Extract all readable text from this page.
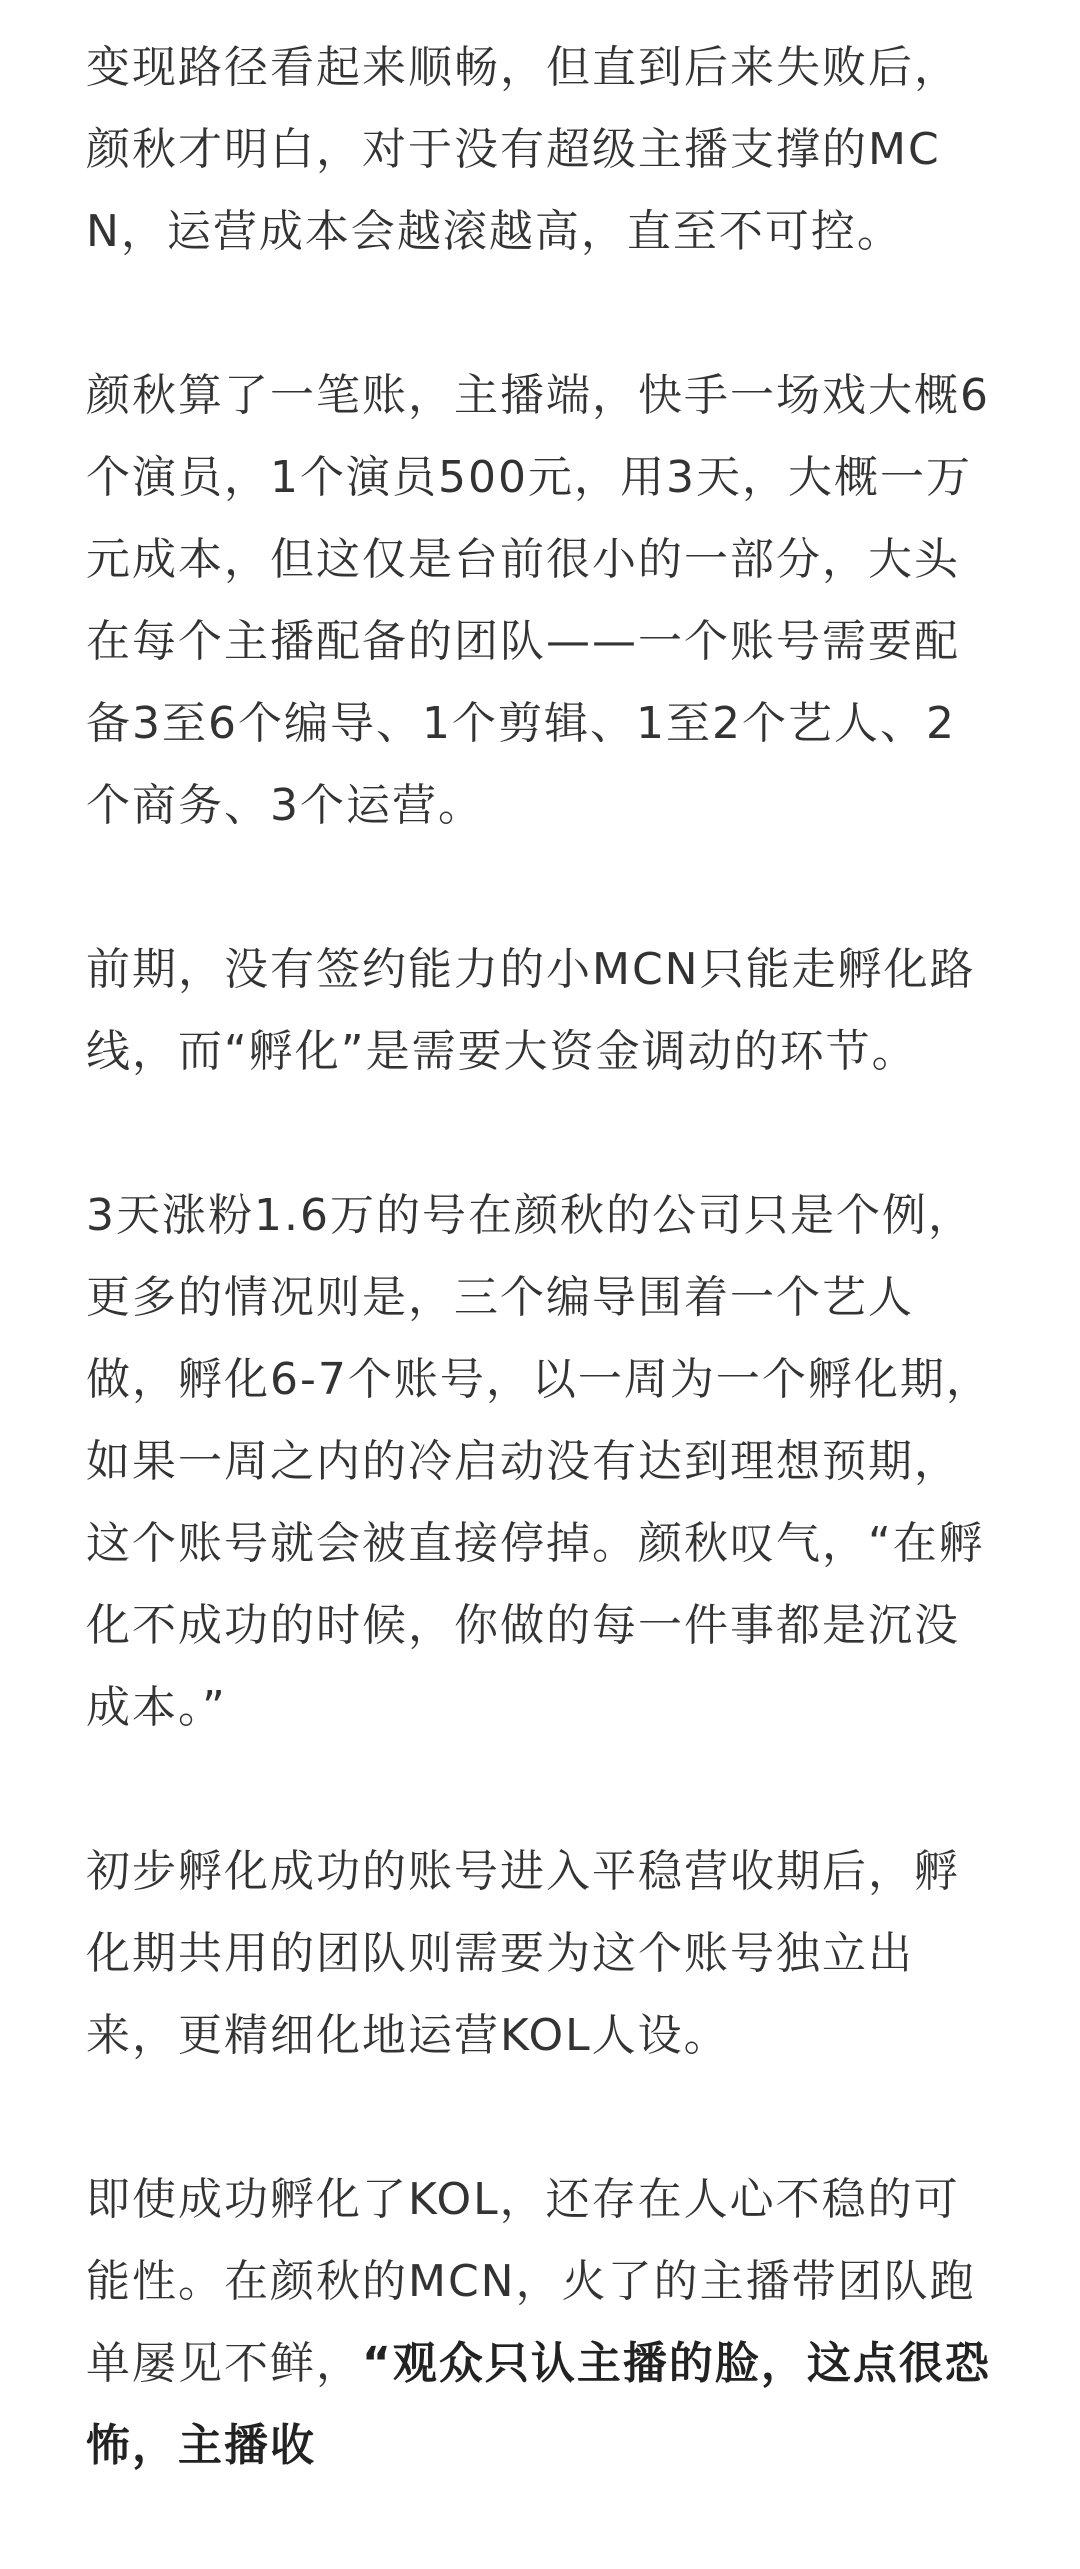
变现路径看起来顺畅，但直到后来失败后，颜秋才明白，对于没有超级主播支撑的MCN，运营成本会越滚越高，直至不可控。

颜秋算了一笔账，主播端，快手一场戏大概6个演员，1个演员500元，用3天，大概一万元成本，但这仅是台前很小的一部分，大头在每个主播配备的团队——一个账号需要配备3至6个编导、1个剪辑、1至2个艺人、2个商务、3个运营。

前期，没有签约能力的小MCN只能走孵化路线，而“孵化”是需要大资金调动的环节。

3天涨粉1.6万的号在颜秋的公司只是个例，更多的情况则是，三个编导围着一个艺人做，孵化6-7个账号，以一周为一个孵化期，如果一周之内的冷启动没有达到理想预期，这个账号就会被直接停掉。颜秋叹气，“在孵化不成功的时候，你做的每一件事都是沉没成本。”

初步孵化成功的账号进入平稳营收期后，孵化期共用的团队则需要为这个账号独立出来，更精细化地运营KOL人设。

即使成功孵化了KOL，还存在人心不稳的可能性。在颜秋的MCN，火了的主播带团队跑单屡见不鲜，“观众只认主播的脸，这点很恐怖，主播收
